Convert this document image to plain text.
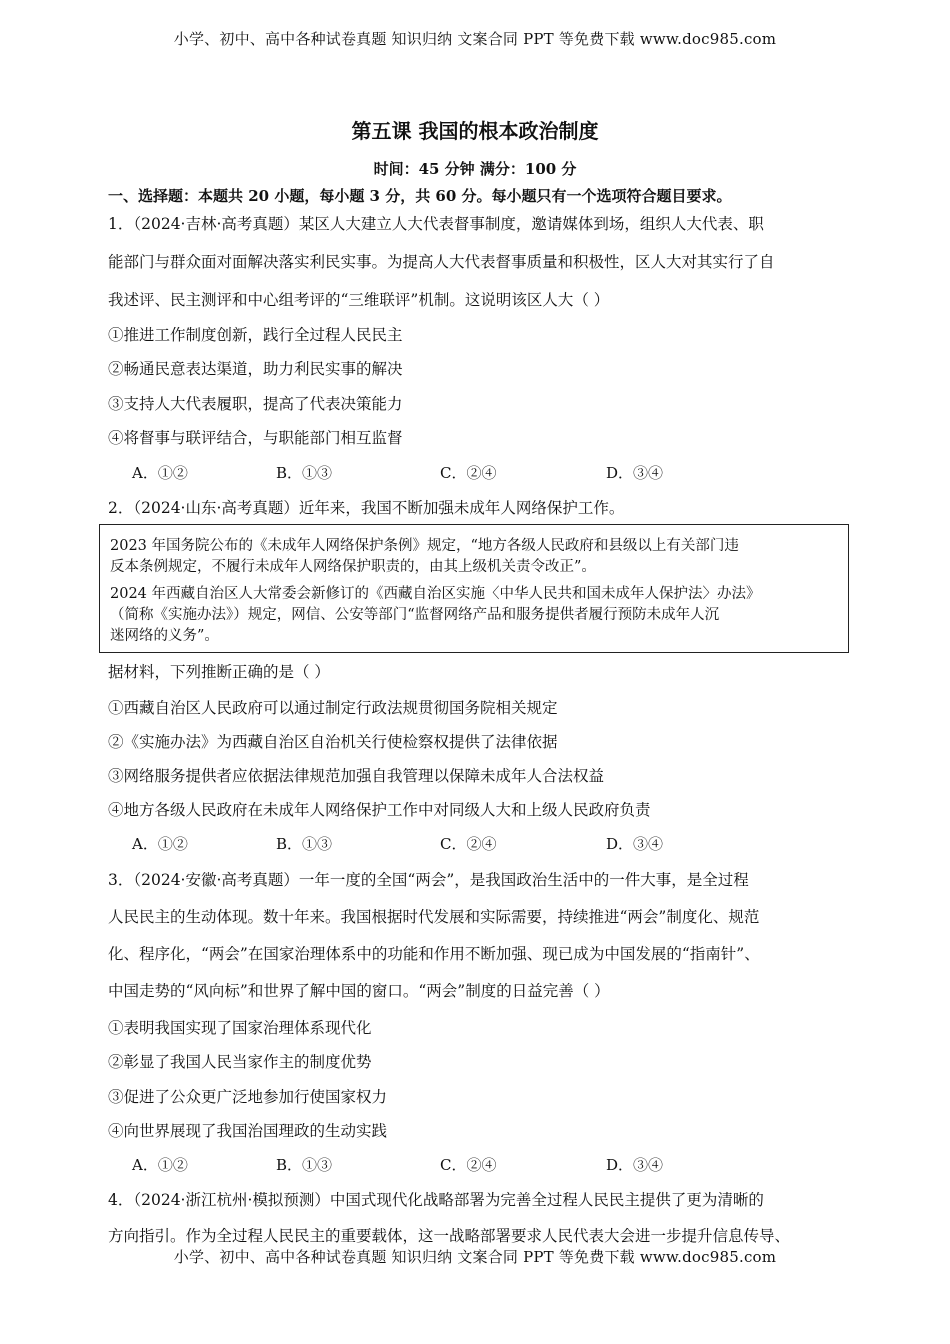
小学、初中、高中各种试卷真题 知识归纳 文案合同 PPT 等免费下载 www.doc985.com
第五课 我国的根本政治制度
时间：45 分钟 满分：100 分
一、选择题：本题共 20 小题，每小题 3 分，共 60 分。每小题只有一个选项符合题目要求。
1．（2024·吉林·高考真题）某区人大建立人大代表督事制度，邀请媒体到场，组织人大代表、职
能部门与群众面对面解决落实利民实事。为提高人大代表督事质量和积极性，区人大对其实行了自
我述评、民主测评和中心组考评的“三维联评”机制。这说明该区人大（ ）
①推进工作制度创新，践行全过程人民民主
②畅通民意表达渠道，助力利民实事的解决
③支持人大代表履职，提高了代表决策能力
④将督事与联评结合，与职能部门相互监督
A．①②	B．①③	C．②④	D．③④
2．（2024·山东·高考真题）近年来，我国不断加强未成年人网络保护工作。
2023 年国务院公布的《未成年人网络保护条例》规定，“地方各级人民政府和县级以上有关部门违
反本条例规定，不履行未成年人网络保护职责的，由其上级机关责令改正”。
2024 年西藏自治区人大常委会新修订的《西藏自治区实施〈中华人民共和国未成年人保护法〉办法》
（简称《实施办法》）规定，网信、公安等部门“监督网络产品和服务提供者履行预防未成年人沉
迷网络的义务”。
据材料，下列推断正确的是（ ）
①西藏自治区人民政府可以通过制定行政法规贯彻国务院相关规定
②《实施办法》为西藏自治区自治机关行使检察权提供了法律依据
③网络服务提供者应依据法律规范加强自我管理以保障未成年人合法权益
④地方各级人民政府在未成年人网络保护工作中对同级人大和上级人民政府负责
A．①②	B．①③	C．②④	D．③④
3．（2024·安徽·高考真题）一年一度的全国“两会”，是我国政治生活中的一件大事，是全过程
人民民主的生动体现。数十年来。我国根据时代发展和实际需要，持续推进“两会”制度化、规范
化、程序化，“两会”在国家治理体系中的功能和作用不断加强、现已成为中国发展的“指南针”、
中国走势的“风向标”和世界了解中国的窗口。“两会”制度的日益完善（ ）
①表明我国实现了国家治理体系现代化
②彰显了我国人民当家作主的制度优势
③促进了公众更广泛地参加行使国家权力
④向世界展现了我国治国理政的生动实践
A．①②	B．①③	C．②④	D．③④
4．（2024·浙江杭州·模拟预测）中国式现代化战略部署为完善全过程人民民主提供了更为清晰的
方向指引。作为全过程人民民主的重要载体，这一战略部署要求人民代表大会进一步提升信息传导、
小学、初中、高中各种试卷真题 知识归纳 文案合同 PPT 等免费下载 www.doc985.com
